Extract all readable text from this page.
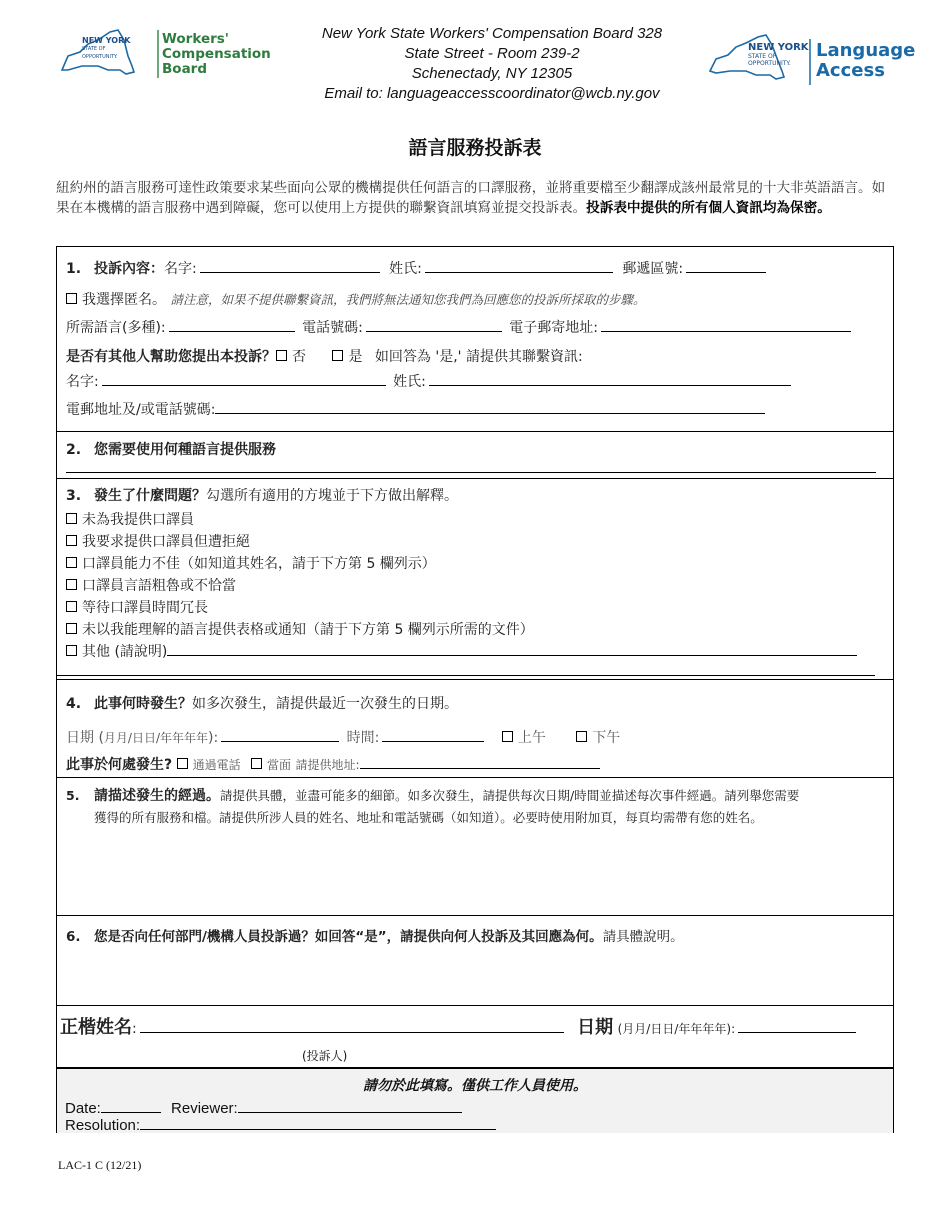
NEW YORK
STATE OF
OPPORTUNITY.
Workers'
Compensation
Board
New York State Workers' Compensation Board 328
State Street - Room 239-2
Schenectady, NY 12305
Email to: languageaccesscoordinator@wcb.ny.gov
NEW YORK
STATE OF
OPPORTUNITY.
Language
Access
語言服務投訴表
紐約州的語言服務可達性政策要求某些面向公眾的機構提供任何語言的口譯服務，並將重要檔至少翻譯成該州最常見的十大非英語語言。如果在本機構的語言服務中遇到障礙，您可以使用上方提供的聯繫資訊填寫並提交投訴表。投訴表中提供的所有個人資訊均為保密。
1. 投訴內容：名字:	姓氏:	郵遞區號:
我選擇匿名。 請注意，如果不提供聯繫資訊，我們將無法通知您我們為回應您的投訴所採取的步驟。
所需語言(多種):	電話號碼:	電子郵寄地址:
是否有其他人幫助您提出本投訴？ 否	是 如回答為 '是,' 請提供其聯繫資訊:
名字:	姓氏:
電郵地址及/或電話號碼:
2. 您需要使用何種語言提供服務
3. 發生了什麼問題？勾選所有適用的方塊並于下方做出解釋。
未為我提供口譯員
我要求提供口譯員但遭拒絕
口譯員能力不佳（如知道其姓名，請于下方第 5 欄列示）
口譯員言語粗魯或不恰當
等待口譯員時間冗長
未以我能理解的語言提供表格或通知（請于下方第 5 欄列示所需的文件）
其他 (請說明)
4. 此事何時發生？如多次發生，請提供最近一次發生的日期。
日期 (月月/日日/年年年年):	時間:	上午	下午
此事於何處發生? 通過電話 當面 請提供地址:
5. 請描述發生的經過。請提供具體，並盡可能多的細節。如多次發生，請提供每次日期/時間並描述每次事件經過。請列舉您需要
獲得的所有服務和檔。請提供所涉人員的姓名、地址和電話號碼（如知道）。必要時使用附加頁，每頁均需帶有您的姓名。
6. 您是否向任何部門/機構人員投訴過？如回答“是”，請提供向何人投訴及其回應為何。請具體說明。
正楷姓名:	日期 (月月/日日/年年年年):
(投訴人)
請勿於此填寫。僅供工作人員使用。
Date:	Reviewer:
Resolution:
LAC-1 C (12/21)
